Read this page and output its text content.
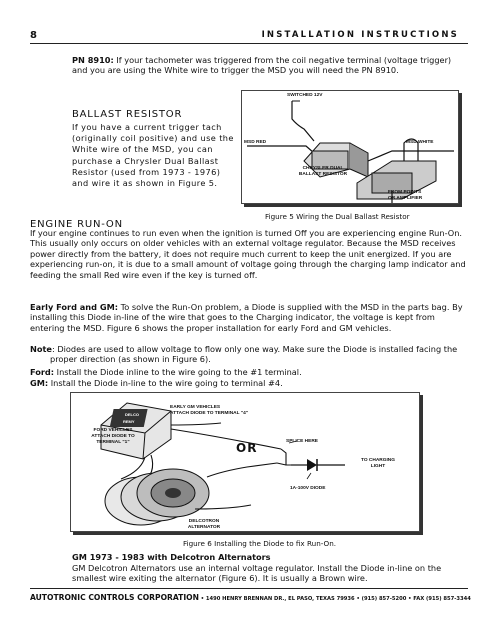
8	INSTALLATION INSTRUCTIONS
PN 8910: If your tachometer was triggered from the coil negative terminal (voltage trigger) and you are using the White wire to trigger the MSD you will need the PN 8910.
BALLAST RESISTOR
If you have a current trigger tach (originally coil positive) and use the White wire of the MSD, you can purchase a Chrysler Dual Ballast Resistor (used from 1973 - 1976) and wire it as shown in Figure 5.
SWITCHED 12V
MSD RED	MSD WHITE
CHRYSLER DUAL
BALLAST RESISTOR
FROM POINTS
OR AMPLIFIER
Figure 5 Wiring the Dual Ballast Resistor
ENGINE RUN-ON
If your engine continues to run even when the ignition is turned Off you are experiencing engine Run-On. This usually only occurs on older vehicles with an external voltage regulator. Because the MSD receives power directly from the battery, it does not require much current to keep the unit energized. If you are experiencing run-on, it is due to a small amount of voltage going through the charging lamp indicator and feeding the small Red wire even if the key is turned off.
Early Ford and GM: To solve the Run-On problem, a Diode is supplied with the MSD in the parts bag. By installing this Diode in-line of the wire that goes to the Charging indicator, the voltage is kept from entering the MSD. Figure 6 shows the proper installation for early Ford and GM vehicles.
Note: Diodes are used to allow voltage to flow only one way. Make sure the Diode is installed facing the proper direction (as shown in Figure 6).
Ford: Install the Diode inline to the wire going to the #1 terminal.
GM: Install the Diode in-line to the wire going to terminal #4.
DELCO
REMY
EARLY GM VEHICLES
ATTACH DIODE TO TERMINAL "4"
FORD VEHICLES
ATTACH DIODE TO
TERMINAL "1"	OR	SPLICE HERE
TO CHARGING
LIGHT
1A-100V DIODE
DELCOTRON
ALTERNATOR
Figure 6 Installing the Diode to fix Run-On.
GM 1973 - 1983 with Delcotron Alternators
GM Delcotron Alternators use an internal voltage regulator. Install the Diode in-line on the smallest wire exiting the alternator (Figure 6). It is usually a Brown wire.
AUTOTRONIC CONTROLS CORPORATION • 1490 HENRY BRENNAN DR., EL PASO, TEXAS 79936 • (915) 857-5200 • FAX (915) 857-3344
